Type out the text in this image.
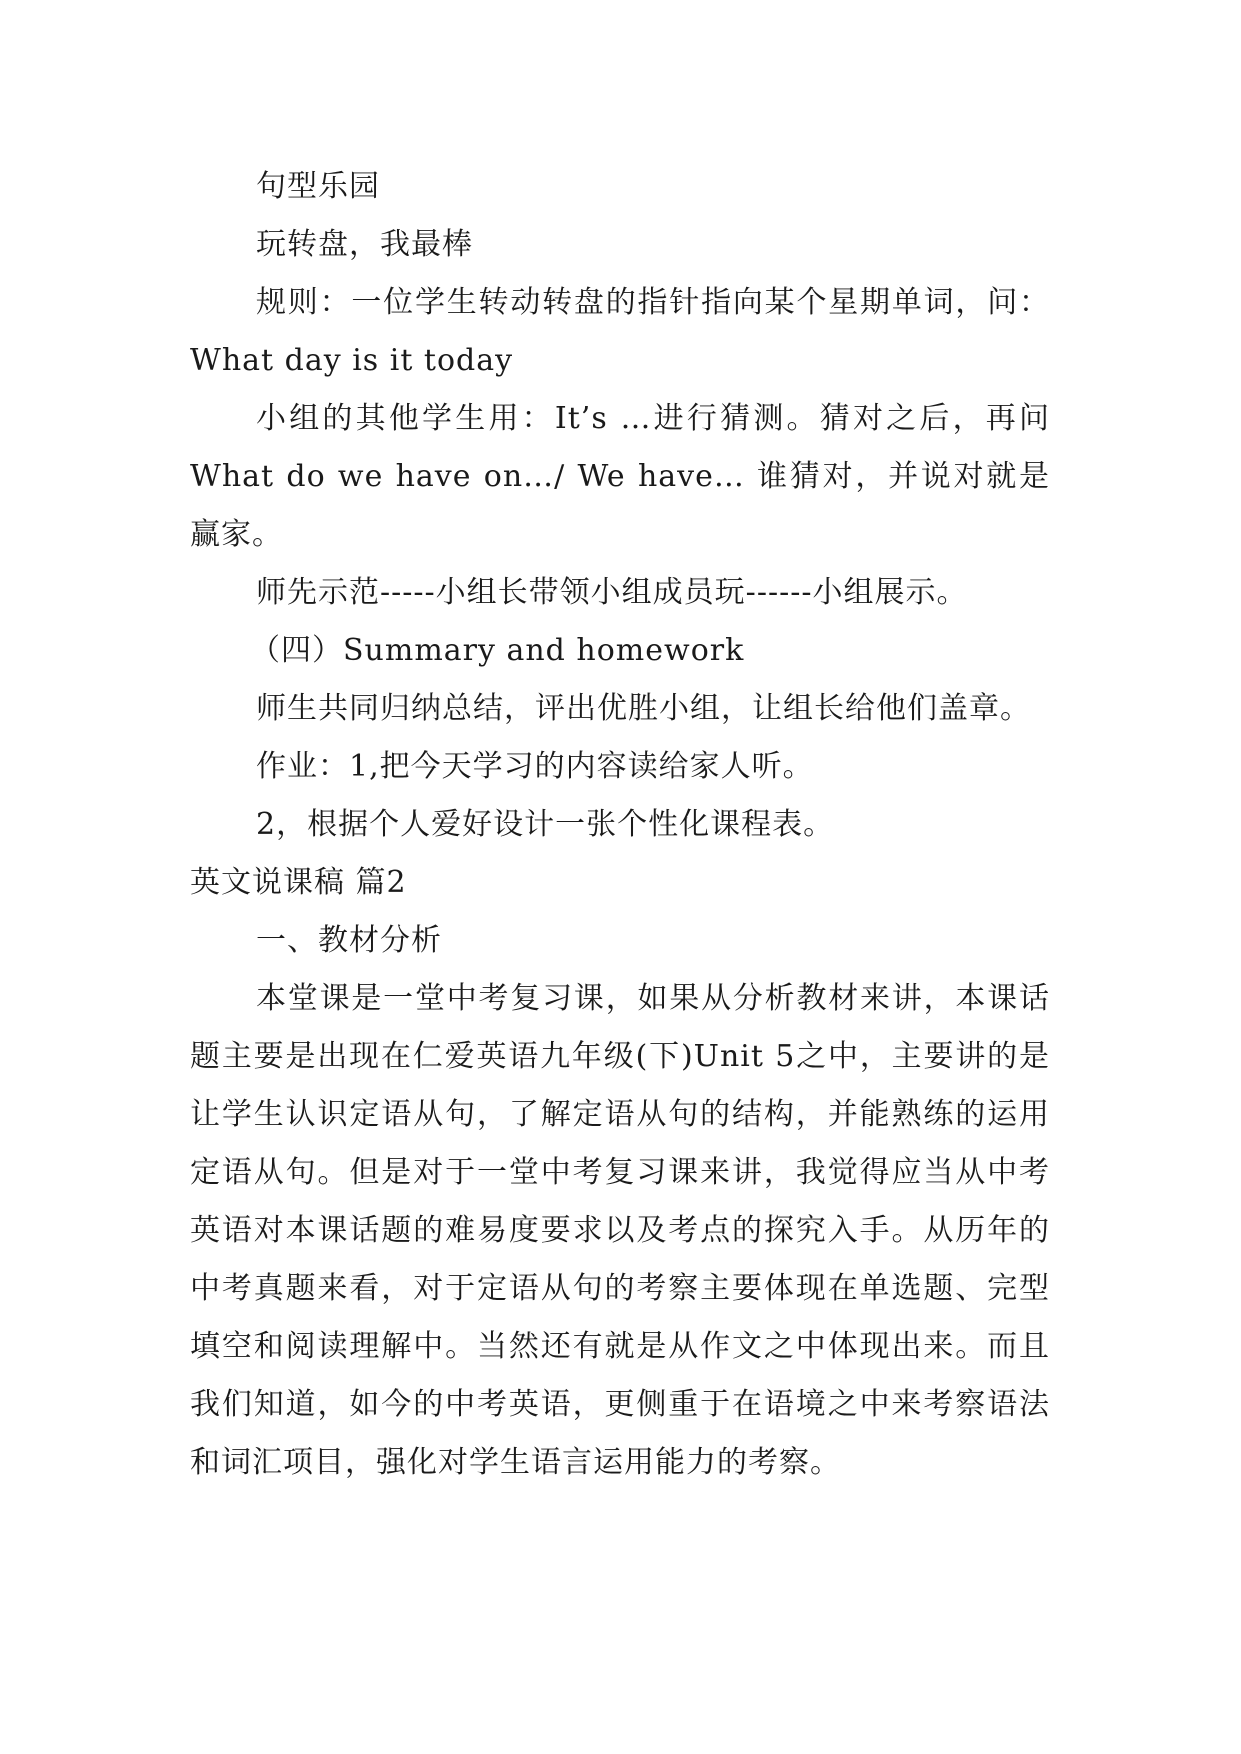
句型乐园

玩转盘，我最棒

规则：一位学生转动转盘的指针指向某个星期单词，问：What day is it today

小组的其他学生用：It’s …进行猜测。猜对之后，再问What do we have on…/ We have… 谁猜对，并说对就是赢家。

师先示范-----小组长带领小组成员玩------小组展示。

（四）Summary and homework

师生共同归纳总结，评出优胜小组，让组长给他们盖章。

作业：1,把今天学习的内容读给家人听。

2，根据个人爱好设计一张个性化课程表。

英文说课稿 篇2

一、教材分析

本堂课是一堂中考复习课，如果从分析教材来讲，本课话题主要是出现在仁爱英语九年级(下)Unit 5之中，主要讲的是让学生认识定语从句，了解定语从句的结构，并能熟练的运用定语从句。但是对于一堂中考复习课来讲，我觉得应当从中考英语对本课话题的难易度要求以及考点的探究入手。从历年的中考真题来看，对于定语从句的考察主要体现在单选题、完型填空和阅读理解中。当然还有就是从作文之中体现出来。而且我们知道，如今的中考英语，更侧重于在语境之中来考察语法和词汇项目，强化对学生语言运用能力的考察。
